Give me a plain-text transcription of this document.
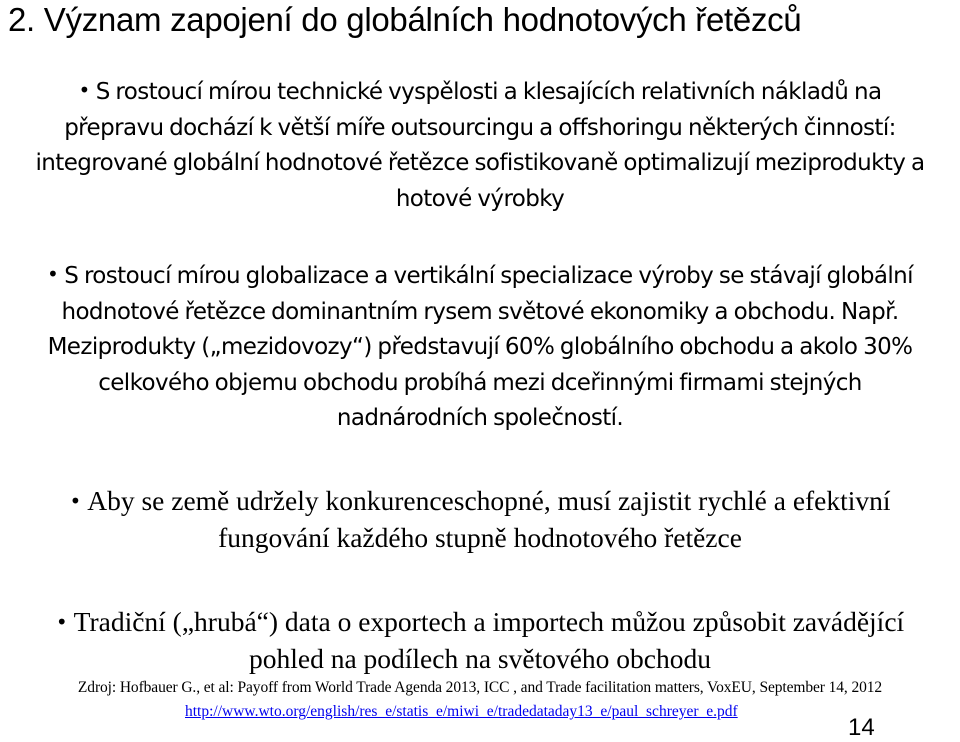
2. Význam zapojení do globálních hodnotových řetězců
• S rostoucí mírou technické vyspělosti a klesajících relativních nákladů na
přepravu dochází k větší míře outsourcingu a offshoringu některých činností:
integrované globální hodnotové řetězce sofistikovaně optimalizují meziprodukty a
hotové výrobky
• S rostoucí mírou globalizace a vertikální specializace výroby se stávají globální
hodnotové řetězce dominantním rysem světové ekonomiky a obchodu. Např.
Meziprodukty („mezidovozy“) představují 60% globálního obchodu a akolo 30%
celkového objemu obchodu probíhá mezi dceřinnými firmami stejných
nadnárodních společností.
• Aby se země udržely konkurenceschopné, musí zajistit rychlé a efektivní
fungování každého stupně hodnotového řetězce
• Tradiční („hrubá“) data o exportech a importech můžou způsobit zavádějící
pohled na podílech na světového obchodu
Zdroj: Hofbauer G., et al: Payoff from World Trade Agenda 2013, ICC , and Trade facilitation matters, VoxEU, September 14, 2012
http://www.wto.org/english/res_e/statis_e/miwi_e/tradedataday13_e/paul_schreyer_e.pdf
14
